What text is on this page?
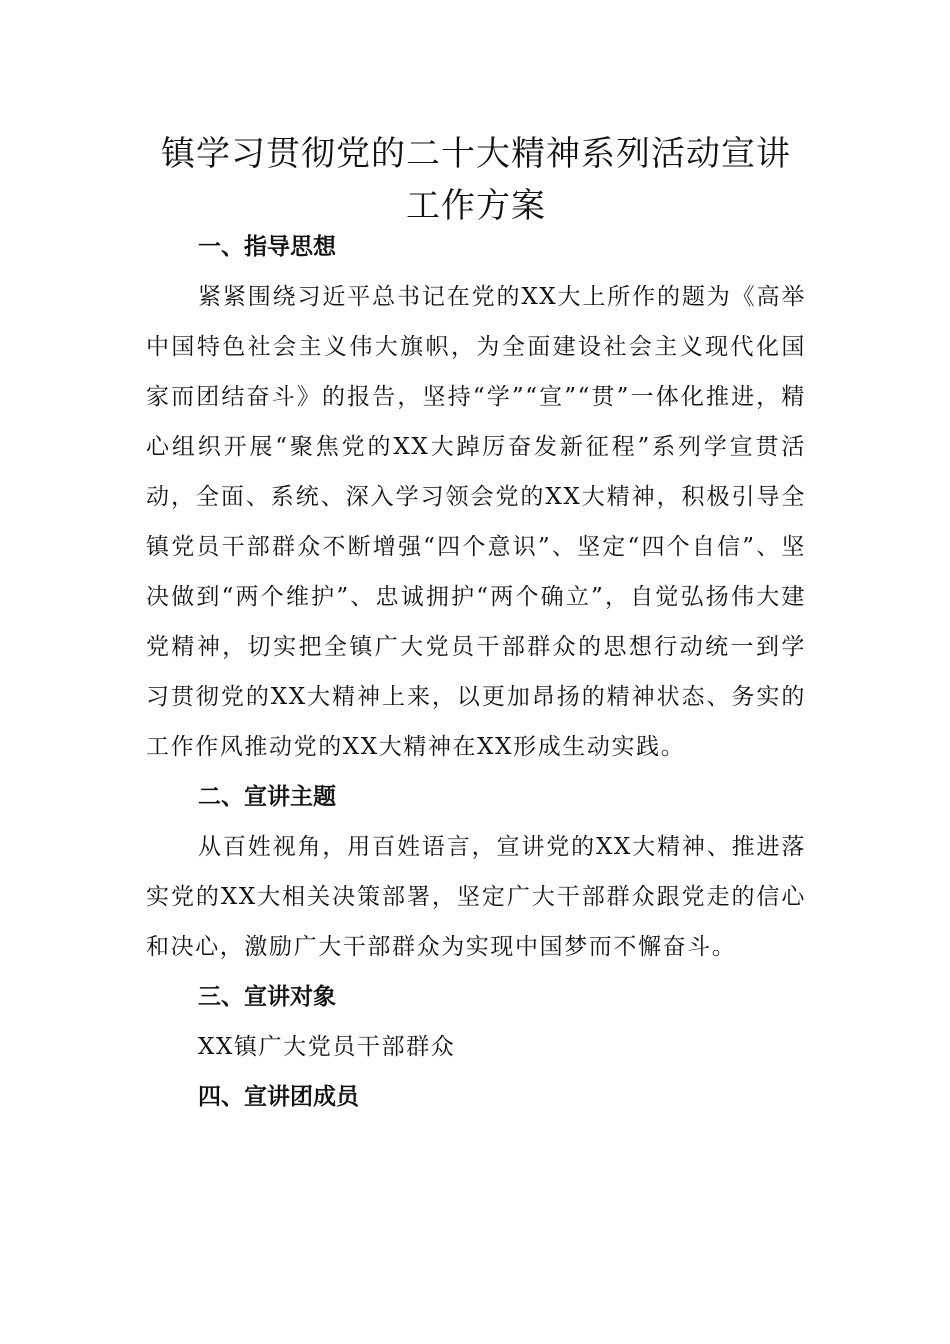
镇学习贯彻党的二十大精神系列活动宣讲
工作方案
一、指导思想

紧紧围绕习近平总书记在党的XX大上所作的题为《高举中国特色社会主义伟大旗帜，为全面建设社会主义现代化国家而团结奋斗》的报告，坚持“学”“宣”“贯”一体化推进，精心组织开展“聚焦党的XX大踔厉奋发新征程”系列学宣贯活动，全面、系统、深入学习领会党的XX大精神，积极引导全镇党员干部群众不断增强“四个意识”、坚定“四个自信”、坚决做到“两个维护”、忠诚拥护“两个确立”，自觉弘扬伟大建党精神，切实把全镇广大党员干部群众的思想行动统一到学习贯彻党的XX大精神上来，以更加昂扬的精神状态、务实的工作作风推动党的XX大精神在XX形成生动实践。

二、宣讲主题

从百姓视角，用百姓语言，宣讲党的XX大精神、推进落实党的XX大相关决策部署，坚定广大干部群众跟党走的信心和决心，激励广大干部群众为实现中国梦而不懈奋斗。

三、宣讲对象

XX镇广大党员干部群众

四、宣讲团成员
